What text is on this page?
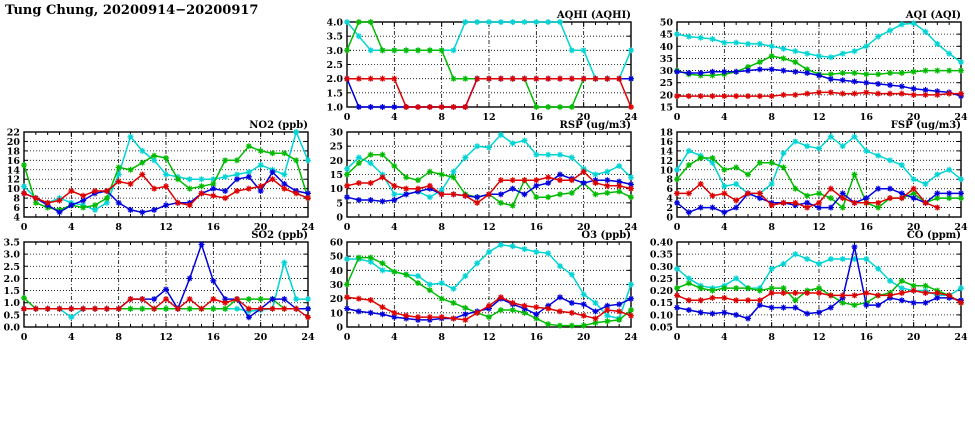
Tung Chung, 20200914−20200917
1.0
1.5
2.0
2.5
3.0
3.5
4.0
0	4	8	12	16	20	24
AQHI (AQHI)
15
20
25
30
35
40
45
50
0	4	8	12	16	20	24
AQI (AQI)
4
6
8
10
12
14
16
18
20
22
0	4	8	12	16	20	24
NO2 (ppb)
0
5
10
15
20
25
30
0	4	8	12	16	20	24
RSP (ug/m3)
0
2
4
6
8
10
12
14
16
18
0	4	8	12	16	20	24
FSP (ug/m3)
0.0
0.5
1.0
1.5
2.0
2.5
3.0
3.5
0	4	8	12	16	20	24
SO2 (ppb)
0
10
20
30
40
50
60
0	4	8	12	16	20	24
O3 (ppb)
0.05
0.10
0.15
0.20
0.25
0.30
0.35
0.40
0	4	8	12	16	20	24
CO (ppm)
